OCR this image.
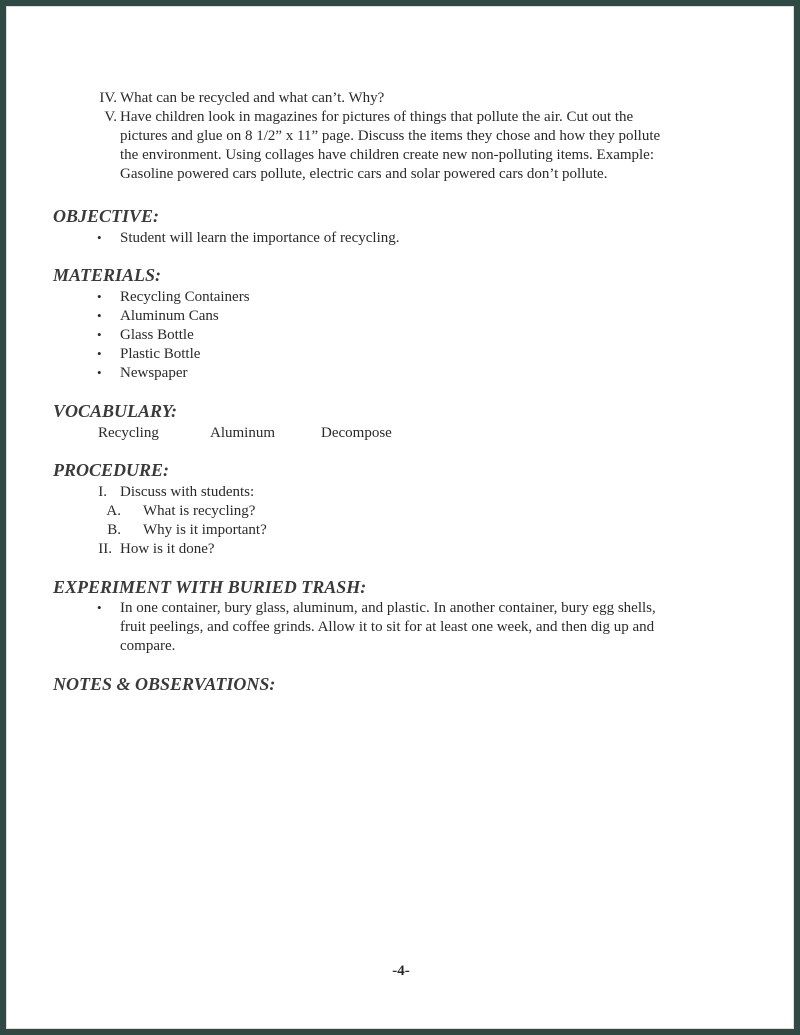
IV. What can be recycled and what can’t. Why?
V. Have children look in magazines for pictures of things that pollute the air. Cut out the
pictures and glue on 8 1/2” x 11” page. Discuss the items they chose and how they pollute
the environment. Using collages have children create new non-polluting items. Example:
Gasoline powered cars pollute, electric cars and solar powered cars don’t pollute.
OBJECTIVE:
• Student will learn the importance of recycling.
MATERIALS:
• Recycling Containers
• Aluminum Cans
• Glass Bottle
• Plastic Bottle
• Newspaper
VOCABULARY:
Recycling	Aluminum	Decompose
PROCEDURE:
I. Discuss with students:
A. What is recycling?
B. Why is it important?
II. How is it done?
EXPERIMENT WITH BURIED TRASH:
• In one container, bury glass, aluminum, and plastic. In another container, bury egg shells,
fruit peelings, and coffee grinds. Allow it to sit for at least one week, and then dig up and
compare.
NOTES & OBSERVATIONS:
-4-
